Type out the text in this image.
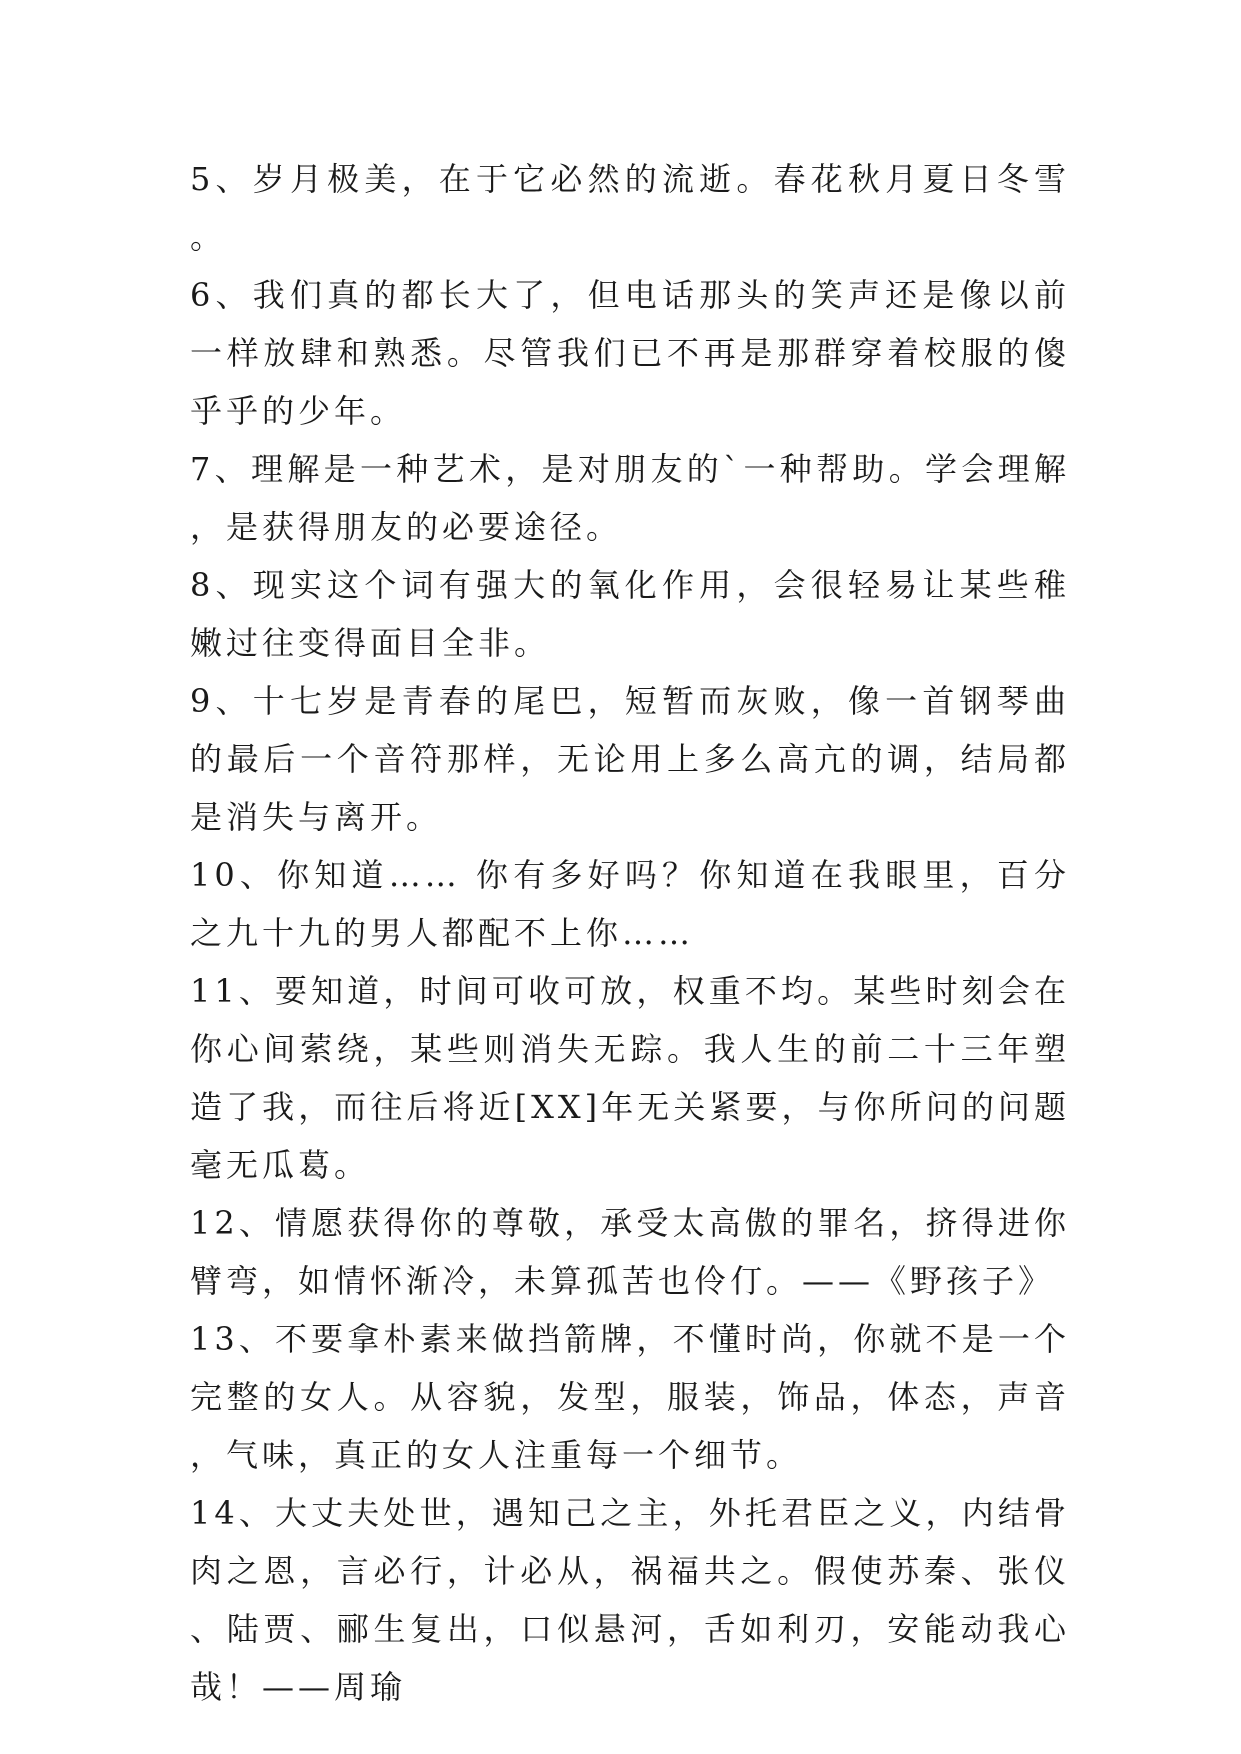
5、岁月极美，在于它必然的流逝。春花秋月夏日冬雪。

6、我们真的都长大了，但电话那头的笑声还是像以前一样放肆和熟悉。尽管我们已不再是那群穿着校服的傻乎乎的少年。

7、理解是一种艺术，是对朋友的`一种帮助。学会理解，是获得朋友的必要途径。

8、现实这个词有强大的氧化作用，会很轻易让某些稚嫩过往变得面目全非。

9、十七岁是青春的尾巴，短暂而灰败，像一首钢琴曲的最后一个音符那样，无论用上多么高亢的调，结局都是消失与离开。

10、你知道…… 你有多好吗？你知道在我眼里，百分之九十九的男人都配不上你……

11、要知道，时间可收可放，权重不均。某些时刻会在你心间萦绕，某些则消失无踪。我人生的前二十三年塑造了我，而往后将近[XX]年无关紧要，与你所问的问题毫无瓜葛。

12、情愿获得你的尊敬，承受太高傲的罪名，挤得进你臂弯，如情怀渐冷，未算孤苦也伶仃。——《野孩子》

13、不要拿朴素来做挡箭牌，不懂时尚，你就不是一个完整的女人。从容貌，发型，服装，饰品，体态，声音，气味，真正的女人注重每一个细节。

14、大丈夫处世，遇知己之主，外托君臣之义，内结骨肉之恩，言必行，计必从，祸福共之。假使苏秦、张仪、陆贾、郦生复出，口似悬河，舌如利刃，安能动我心哉！——周瑜
